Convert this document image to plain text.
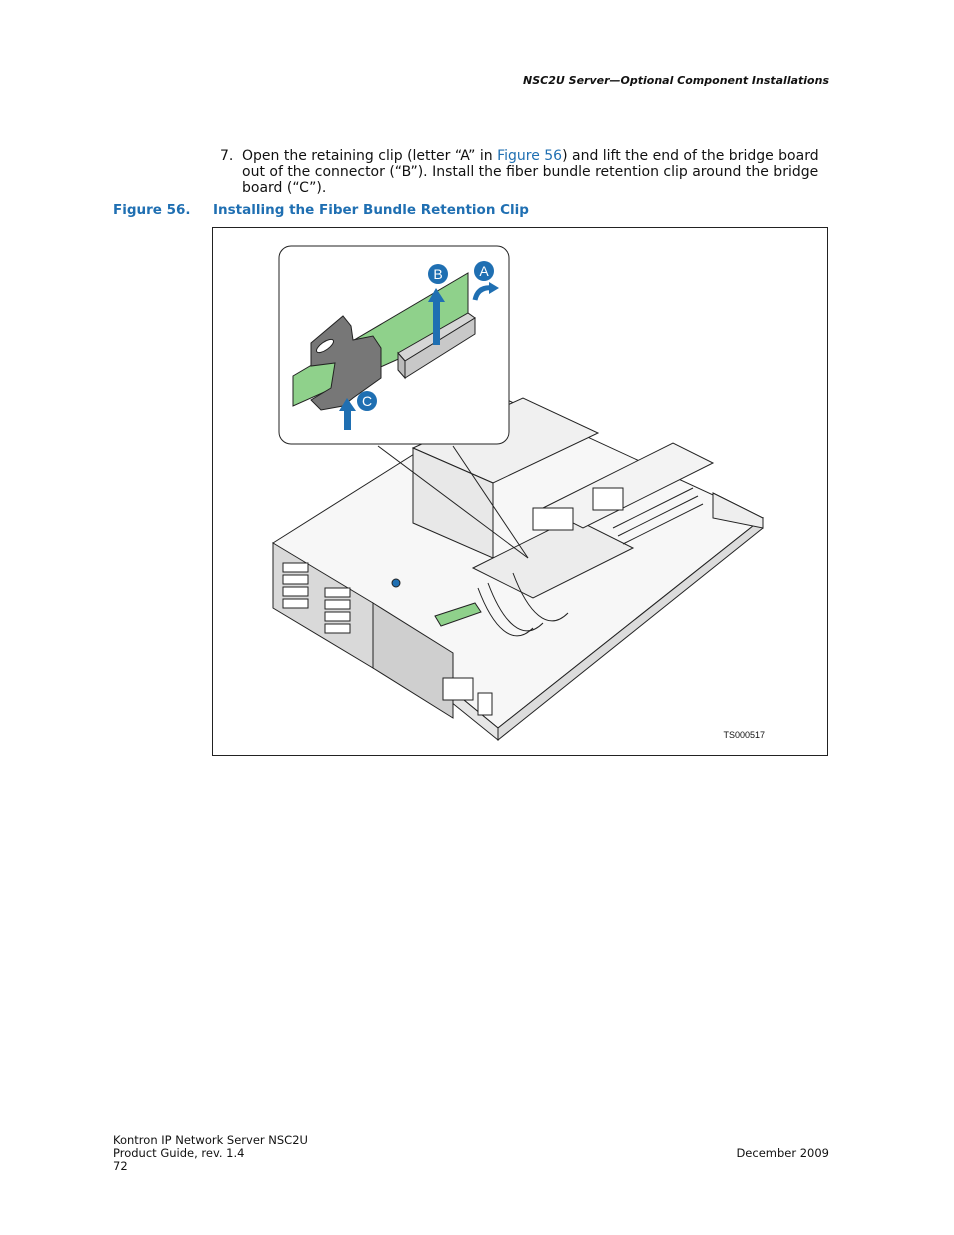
NSC2U Server—Optional Component Installations
7. Open the retaining clip (letter “A” in Figure 56) and lift the end of the bridge board out of the connector (“B”). Install the fiber bundle retention clip around the bridge board (“C”).
Figure 56. Installing the Fiber Bundle Retention Clip
B	A
C
TS000517
Kontron IP Network Server NSC2U
Product Guide, rev. 1.4
72
December 2009
